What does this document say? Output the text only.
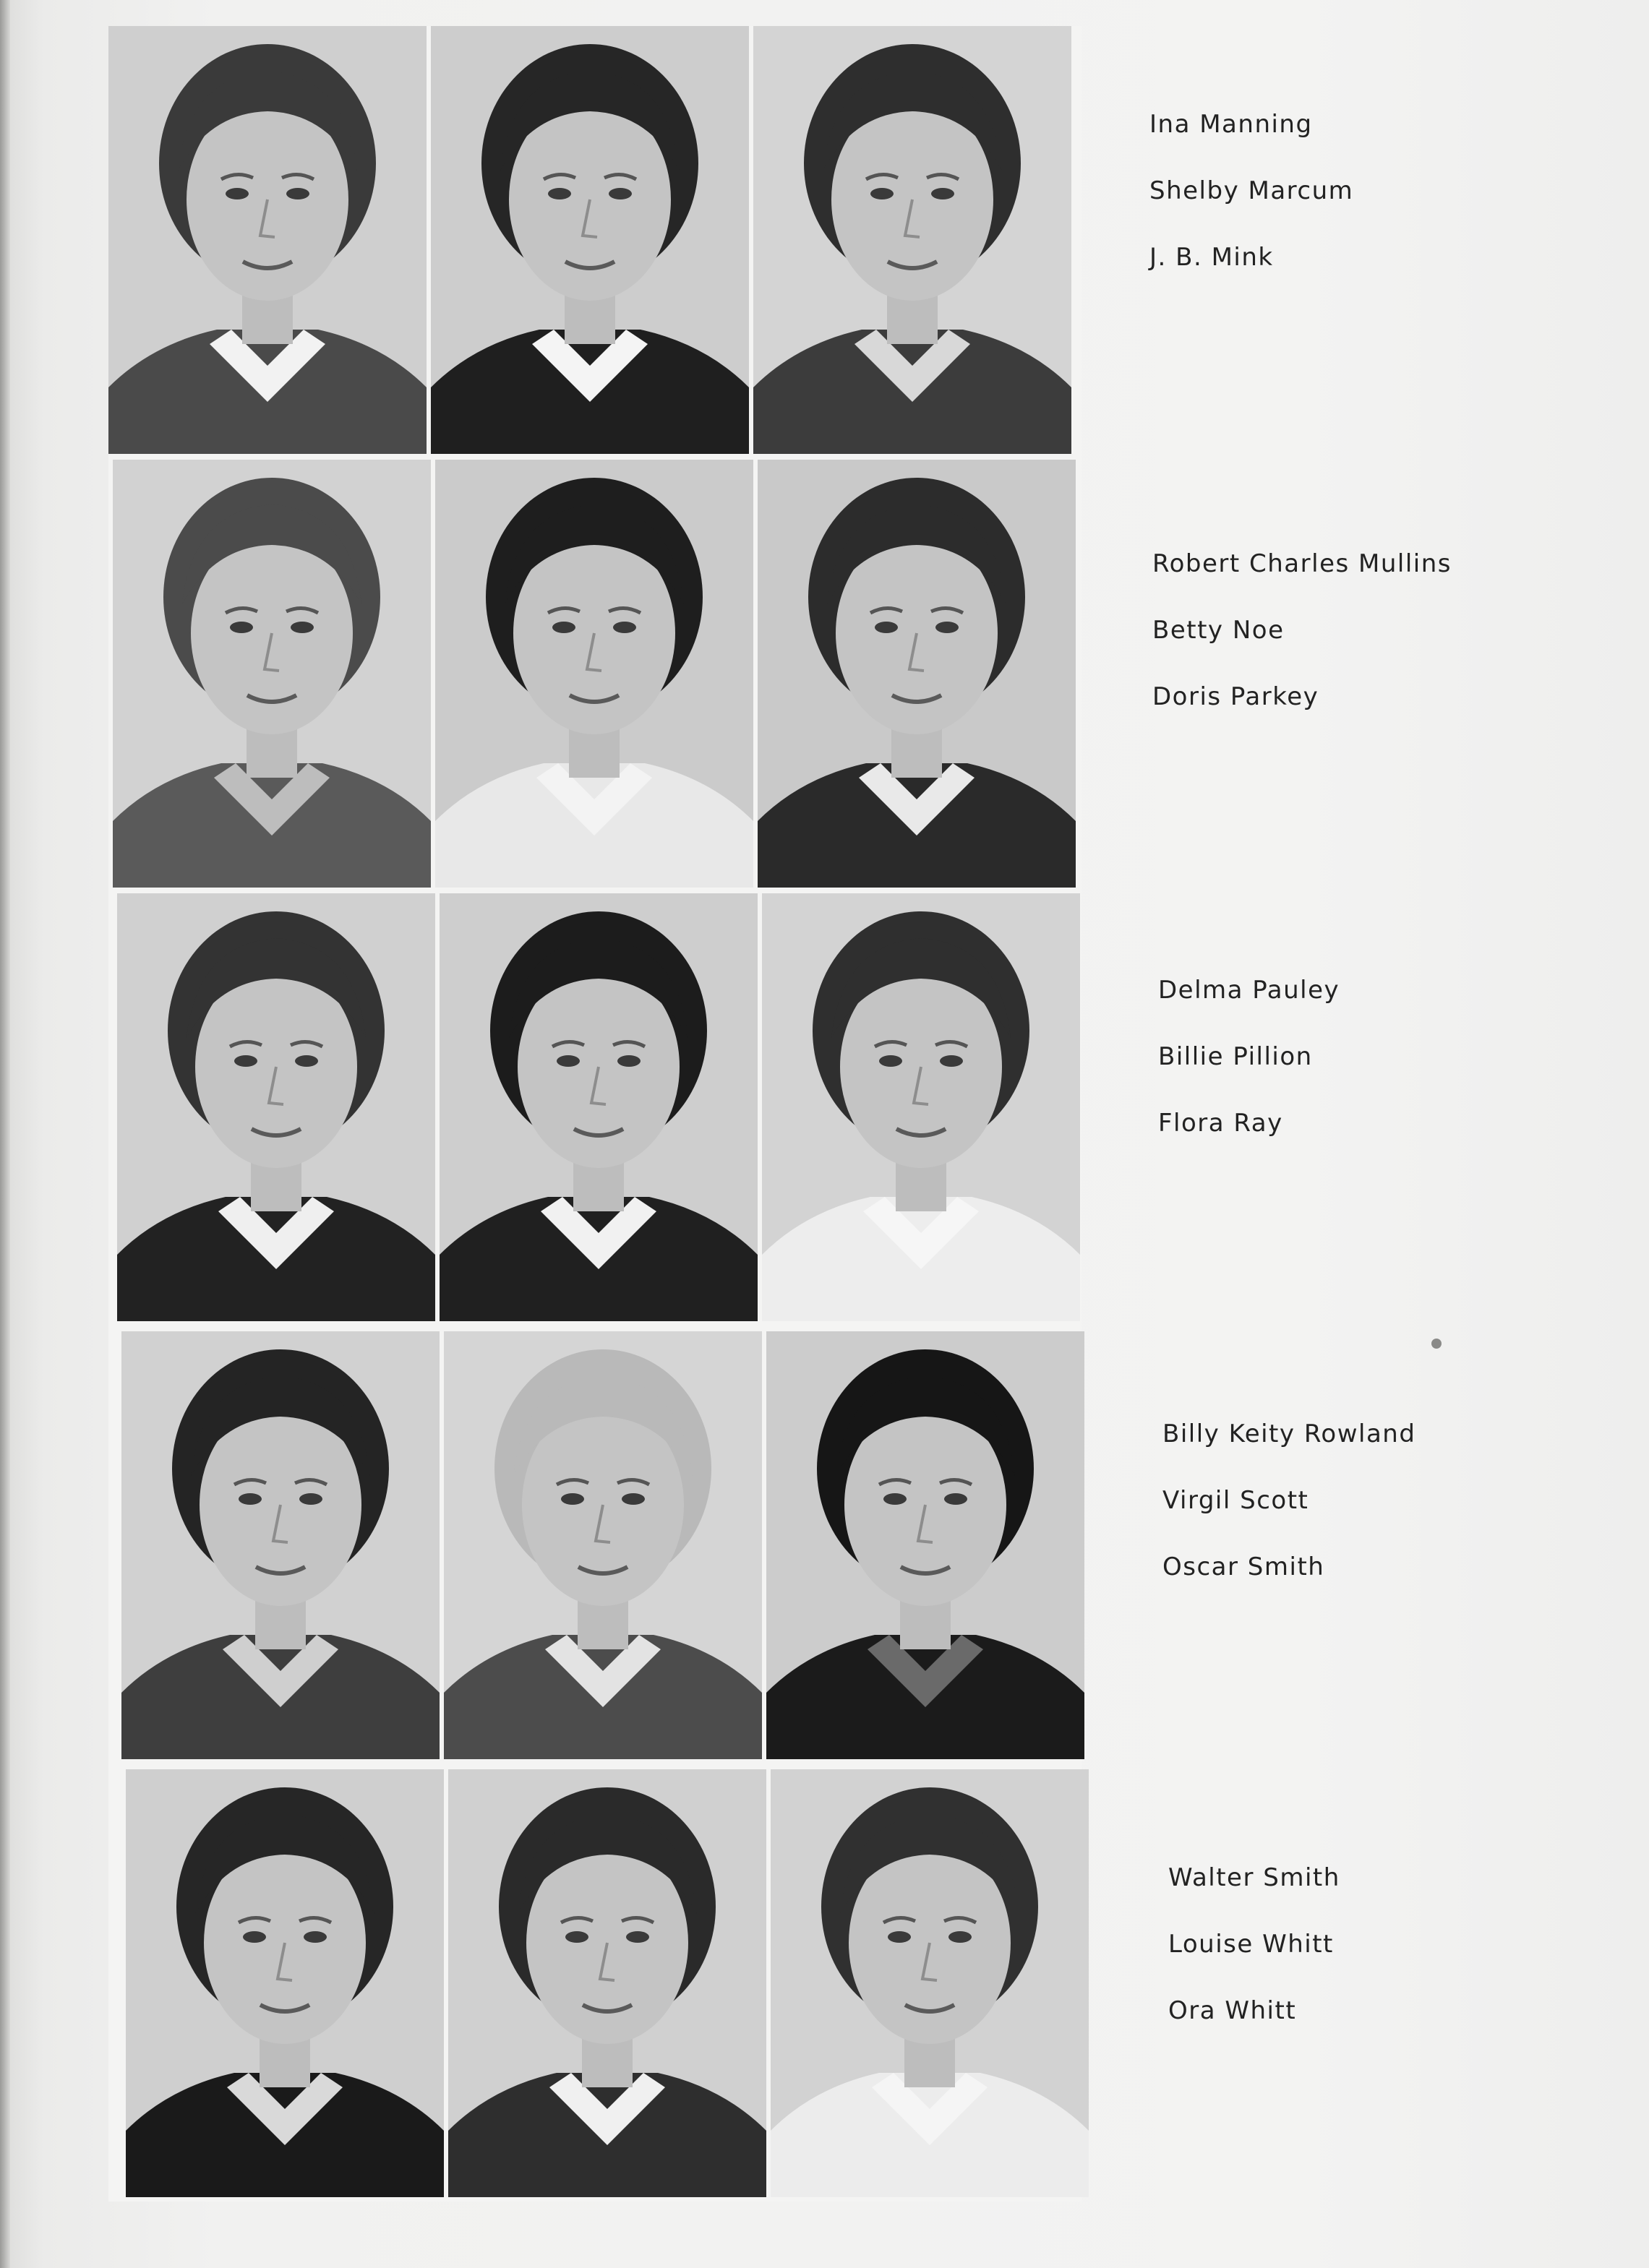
Ina Manning
Shelby Marcum
J. B. Mink
Robert Charles Mullins
Betty Noe
Doris Parkey
Delma Pauley
Billie Pillion
Flora Ray
Billy Keity Rowland
Virgil Scott
Oscar Smith
Walter Smith
Louise Whitt
Ora Whitt
